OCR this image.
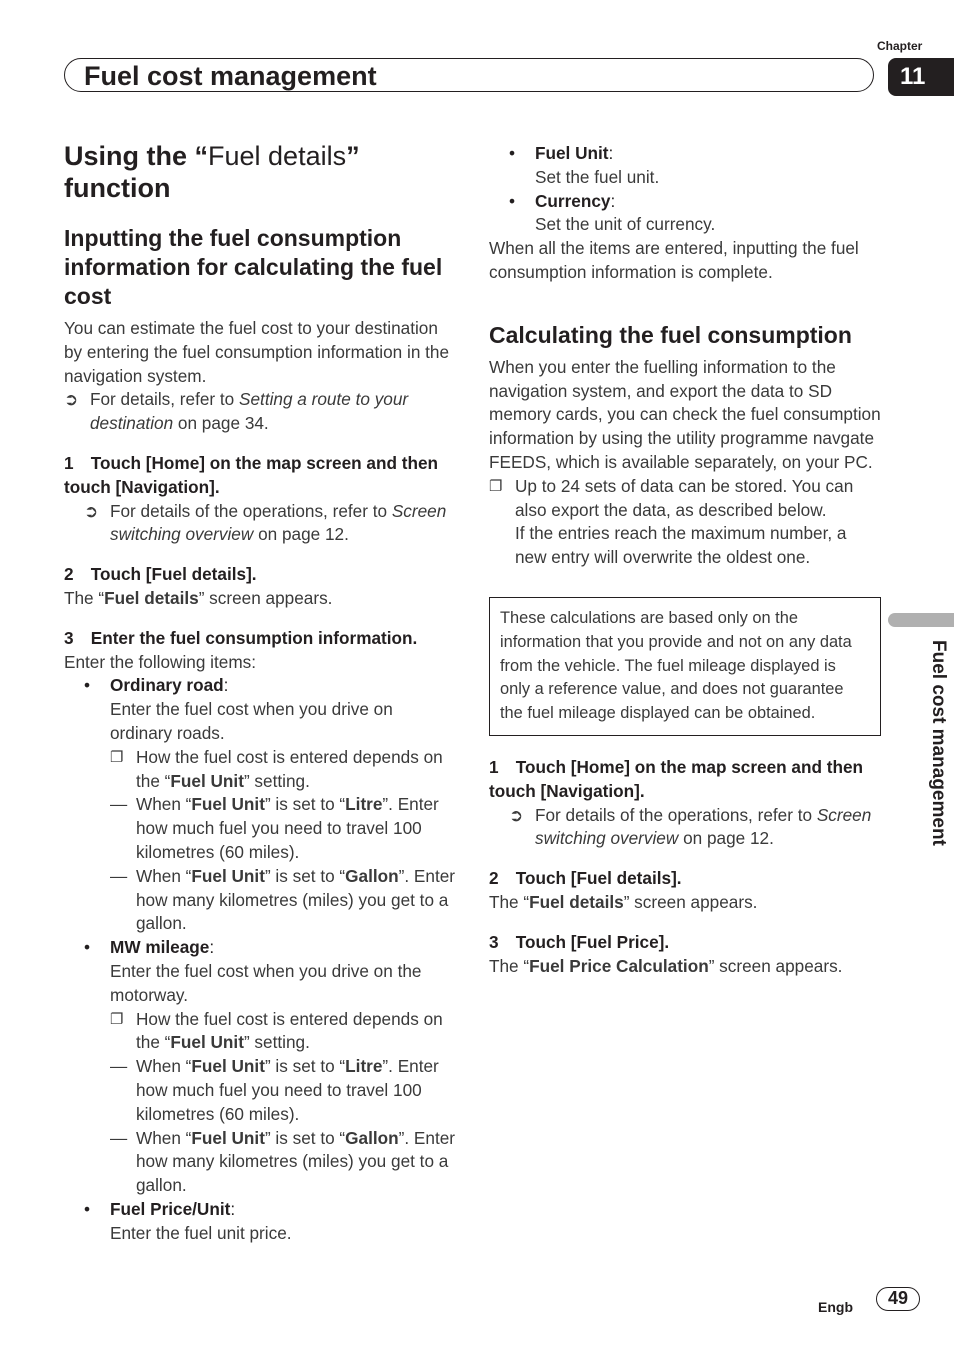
Fuel cost management
Chapter
11
Fuel cost management
Engb	49
Using the “Fuel details” function
Inputting the fuel consumption information for calculating the fuel cost

You can estimate the fuel cost to your destination by entering the fuel consumption information in the navigation system.

➲ For details, refer to Setting a route to your destination on page 34.
1 Touch [Home] on the map screen and then touch [Navigation].
➲ For details of the operations, refer to Screen switching overview on page 12.
2 Touch [Fuel details].

The “Fuel details” screen appears.

3 Enter the fuel consumption information.

Enter the following items:

•	Ordinary road :
Enter the fuel cost when you drive on ordinary roads.
❐ How the fuel cost is entered depends on the “Fuel Unit” setting.
— When “Fuel Unit” is set to “Litre”. Enter how much fuel you need to travel 100 kilometres (60 miles).
— When “Fuel Unit” is set to “Gallon”. Enter how many kilometres (miles) you get to a gallon.
•	MW mileage :
Enter the fuel cost when you drive on the motorway.
❐ How the fuel cost is entered depends on the “Fuel Unit” setting.
— When “Fuel Unit” is set to “Litre”. Enter how much fuel you need to travel 100 kilometres (60 miles).
— When “Fuel Unit” is set to “Gallon”. Enter how many kilometres (miles) you get to a gallon.
•	Fuel Price/Unit :
Enter the fuel unit price.
•	Fuel Unit :
Set the fuel unit.
•	Currency :
Set the unit of currency.

When all the items are entered, inputting the fuel consumption information is complete.

Calculating the fuel consumption

When you enter the fuelling information to the navigation system, and export the data to SD memory cards, you can check the fuel consumption information by using the utility programme navgate FEEDS, which is available separately, on your PC.

❐ Up to 24 sets of data can be stored. You can also export the data, as described below.
If the entries reach the maximum number, a new entry will overwrite the oldest one.
These calculations are based only on the information that you provide and not on any data from the vehicle. The fuel mileage displayed is only a reference value, and does not guarantee the fuel mileage displayed can be obtained.
1 Touch [Home] on the map screen and then touch [Navigation].
➲ For details of the operations, refer to Screen switching overview on page 12.
2 Touch [Fuel details].

The “Fuel details” screen appears.

3 Touch [Fuel Price].

The “Fuel Price Calculation” screen appears.
